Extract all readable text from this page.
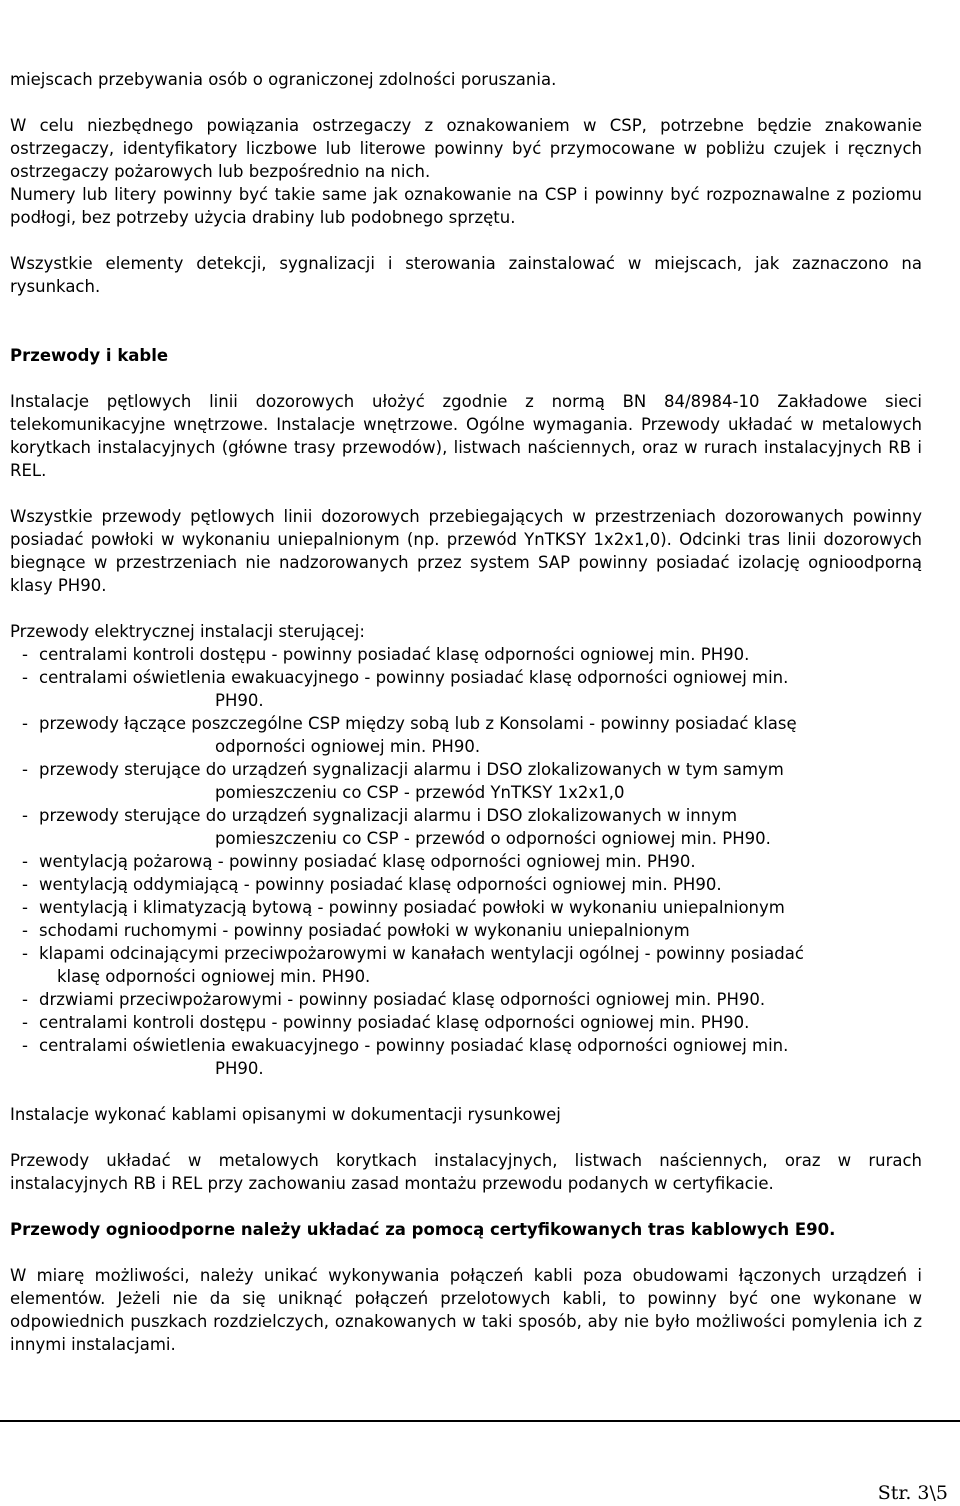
miejscach przebywania osób o ograniczonej zdolności poruszania.

W celu niezbędnego powiązania ostrzegaczy z oznakowaniem w CSP, potrzebne będzie znakowanie ostrzegaczy, identyfikatory liczbowe lub literowe powinny być przymocowane w pobliżu czujek i ręcznych ostrzegaczy pożarowych lub bezpośrednio na nich.

Numery lub litery powinny być takie same jak oznakowanie na CSP i powinny być rozpoznawalne z poziomu podłogi, bez potrzeby użycia drabiny lub podobnego sprzętu.

Wszystkie elementy detekcji, sygnalizacji i sterowania zainstalować w miejscach, jak zaznaczono na rysunkach.

Przewody i kable

Instalacje pętlowych linii dozorowych ułożyć zgodnie z normą BN 84/8984-10 Zakładowe sieci telekomunikacyjne wnętrzowe. Instalacje wnętrzowe. Ogólne wymagania. Przewody układać w metalowych korytkach instalacyjnych (główne trasy przewodów), listwach naściennych, oraz w rurach instalacyjnych RB i REL.

Wszystkie przewody pętlowych linii dozorowych przebiegających w przestrzeniach dozorowanych powinny posiadać powłoki w wykonaniu uniepalnionym (np. przewód YnTKSY 1x2x1,0). Odcinki tras linii dozorowych biegnące w przestrzeniach nie nadzorowanych przez system SAP powinny posiadać izolację ognioodporną klasy PH90.

Przewody elektrycznej instalacji sterującej:

- centralami kontroli dostępu - powinny posiadać klasę odporności ogniowej min. PH90.
- centralami oświetlenia ewakuacyjnego - powinny posiadać klasę odporności ogniowej min.
PH90.
- przewody łączące poszczególne CSP między sobą lub z Konsolami - powinny posiadać klasę
odporności ogniowej min. PH90.
- przewody sterujące do urządzeń sygnalizacji alarmu i DSO zlokalizowanych w tym samym
pomieszczeniu co CSP - przewód YnTKSY 1x2x1,0
- przewody sterujące do urządzeń sygnalizacji alarmu i DSO zlokalizowanych w innym
pomieszczeniu co CSP - przewód o odporności ogniowej min. PH90.
- wentylacją pożarową - powinny posiadać klasę odporności ogniowej min. PH90.
- wentylacją oddymiającą - powinny posiadać klasę odporności ogniowej min. PH90.
- wentylacją i klimatyzacją bytową - powinny posiadać powłoki w wykonaniu uniepalnionym
- schodami ruchomymi - powinny posiadać powłoki w wykonaniu uniepalnionym
- klapami odcinającymi przeciwpożarowymi w kanałach wentylacji ogólnej - powinny posiadać
klasę odporności ogniowej min. PH90.
- drzwiami przeciwpożarowymi - powinny posiadać klasę odporności ogniowej min. PH90.
- centralami kontroli dostępu - powinny posiadać klasę odporności ogniowej min. PH90.
- centralami oświetlenia ewakuacyjnego - powinny posiadać klasę odporności ogniowej min.
PH90.

Instalacje wykonać kablami opisanymi w dokumentacji rysunkowej

Przewody układać w metalowych korytkach instalacyjnych, listwach naściennych, oraz w rurach instalacyjnych RB i REL przy zachowaniu zasad montażu przewodu podanych w certyfikacie.

Przewody ognioodporne należy układać za pomocą certyfikowanych tras kablowych E90.

W miarę możliwości, należy unikać wykonywania połączeń kabli poza obudowami łączonych urządzeń i elementów. Jeżeli nie da się uniknąć połączeń przelotowych kabli, to powinny być one wykonane w odpowiednich puszkach rozdzielczych, oznakowanych w taki sposób, aby nie było możliwości pomylenia ich z innymi instalacjami.

Str. 3\5
